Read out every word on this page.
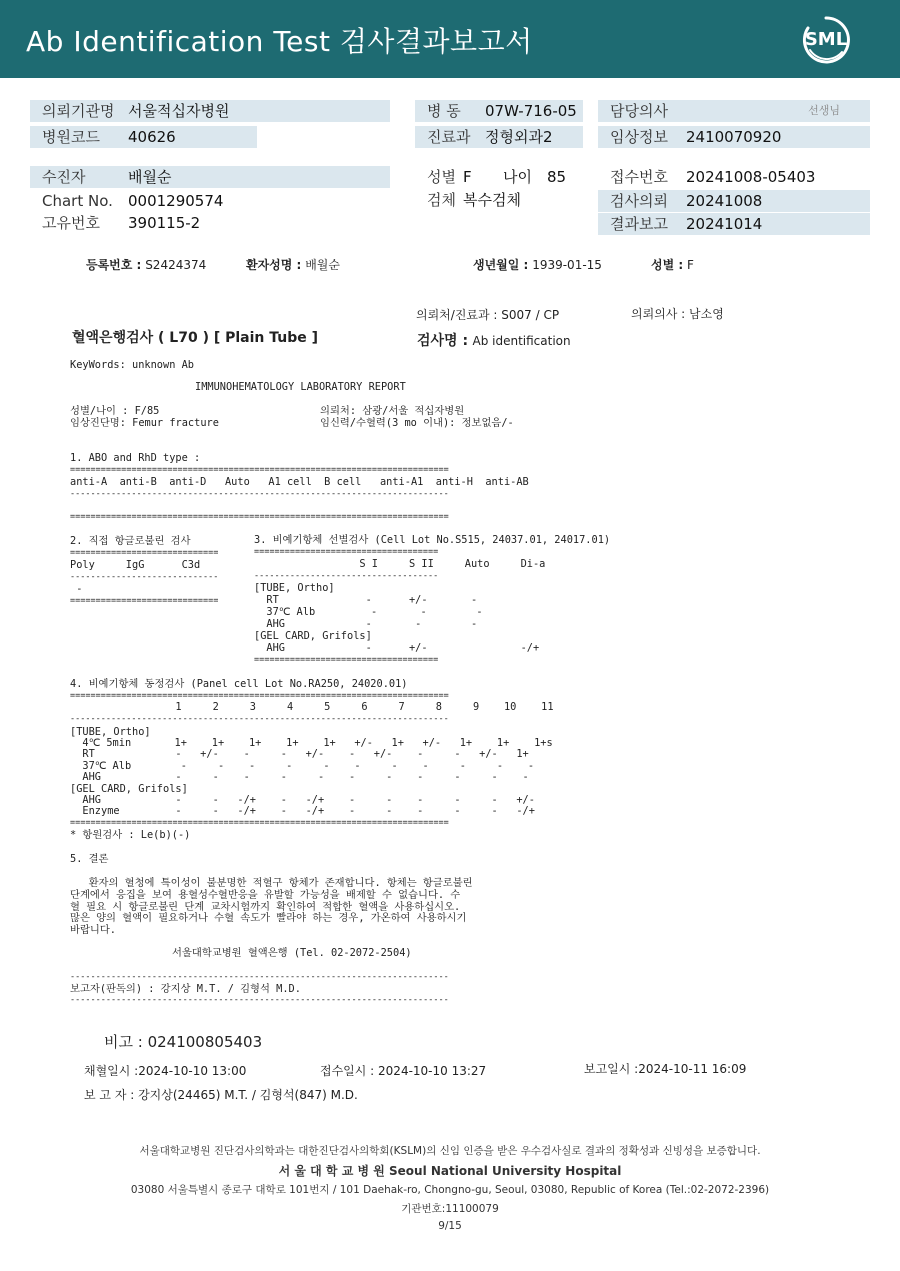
Ab Identification Test 검사결과보고서	SML
의뢰기관명 서울적십자병원
병원코드 40626
병 동 07W-716-05
진료과 정형외과2
담당의사	선생님
임상정보 2410070920
수진자	배월순
Chart No. 0001290574
고유번호 390115-2
성별 F 나이 85
검체 복수검체
접수번호 20241008-05403
검사의뢰 20241008
결과보고 20241014
등록번호 : S2424374	환자성명 : 배월순	생년월일 : 1939-01-15	성별 : F
의뢰처/진료과 : S007 / CP	의뢰의사 : 남소영
혈액은행검사 ( L70 ) [ Plain Tube ]	검사명 : Ab identification
KeyWords: unknown Ab
IMMUNOHEMATOLOGY LABORATORY REPORT
성별/나이 : F/85
임상진단명: Femur fracture
의뢰처: 삼광/서울 적십자병원
임신력/수혈력(3 mo 이내): 정보없음/-
1. ABO and RhD type :
==========================================================================
anti-A  anti-B  anti-D   Auto   A1 cell  B cell   anti-A1  anti-H  anti-AB
--------------------------------------------------------------------------
==========================================================================
2. 직접 항글로불린 검사
=============================
Poly     IgG      C3d
-----------------------------
-
=============================
3. 비예기항체 선별검사 (Cell Lot No.S515, 24037.01, 24017.01)
====================================
S I     S II     Auto     Di-a
------------------------------------
[TUBE, Ortho]
RT              -      +/-       -
37℃ Alb         -       -        -
AHG             -       -        -
[GEL CARD, Grifols]
AHG             -      +/-               -/+
====================================
4. 비예기항체 동정검사 (Panel cell Lot No.RA250, 24020.01)
==========================================================================
1     2     3     4     5     6     7     8     9    10    11
--------------------------------------------------------------------------
[TUBE, Ortho]
4℃ 5min       1+    1+    1+    1+    1+   +/-   1+   +/-   1+    1+    1+s
RT             -   +/-    -     -   +/-    -   +/-    -     -   +/-   1+
37℃ Alb        -     -    -     -     -    -     -    -     -     -    -
AHG            -     -    -     -     -    -     -    -     -     -    -
[GEL CARD, Grifols]
AHG            -     -   -/+    -   -/+    -     -    -     -     -   +/-
Enzyme         -     -   -/+    -   -/+    -     -    -     -     -   -/+
==========================================================================
* 항원검사 : Le(b)(-)
5. 결론
환자의 혈청에 특이성이 불분명한 적혈구 항체가 존재합니다. 항체는 항글로불린
단계에서 응집을 보여 용혈성수혈반응을 유발할 가능성을 배제할 수 없습니다. 수
혈 필요 시 항글로불린 단계 교차시험까지 확인하여 적합한 혈액을 사용하십시오.
많은 양의 혈액이 필요하거나 수혈 속도가 빨라야 하는 경우, 가온하여 사용하시기
바랍니다.
서울대학교병원 혈액은행 (Tel. 02-2072-2504)
--------------------------------------------------------------------------
보고자(판독의) : 강지상 M.T. / 김형석 M.D.
--------------------------------------------------------------------------
비고 : 024100805403
채혈일시 :2024-10-10 13:00	접수일시 : 2024-10-10 13:27	보고일시 :2024-10-11 16:09
보 고 자 : 강지상(24465) M.T. / 김형석(847) M.D.
서울대학교병원 진단검사의학과는 대한진단검사의학회(KSLM)의 신임 인증을 받은 우수검사실로 결과의 정확성과 신빙성을 보증합니다.
서 울 대 학 교 병 원 Seoul National University Hospital
03080 서울특별시 종로구 대학로 101번지 / 101 Daehak-ro, Chongno-gu, Seoul, 03080, Republic of Korea (Tel.:02-2072-2396)
기관번호:11100079
9/15
